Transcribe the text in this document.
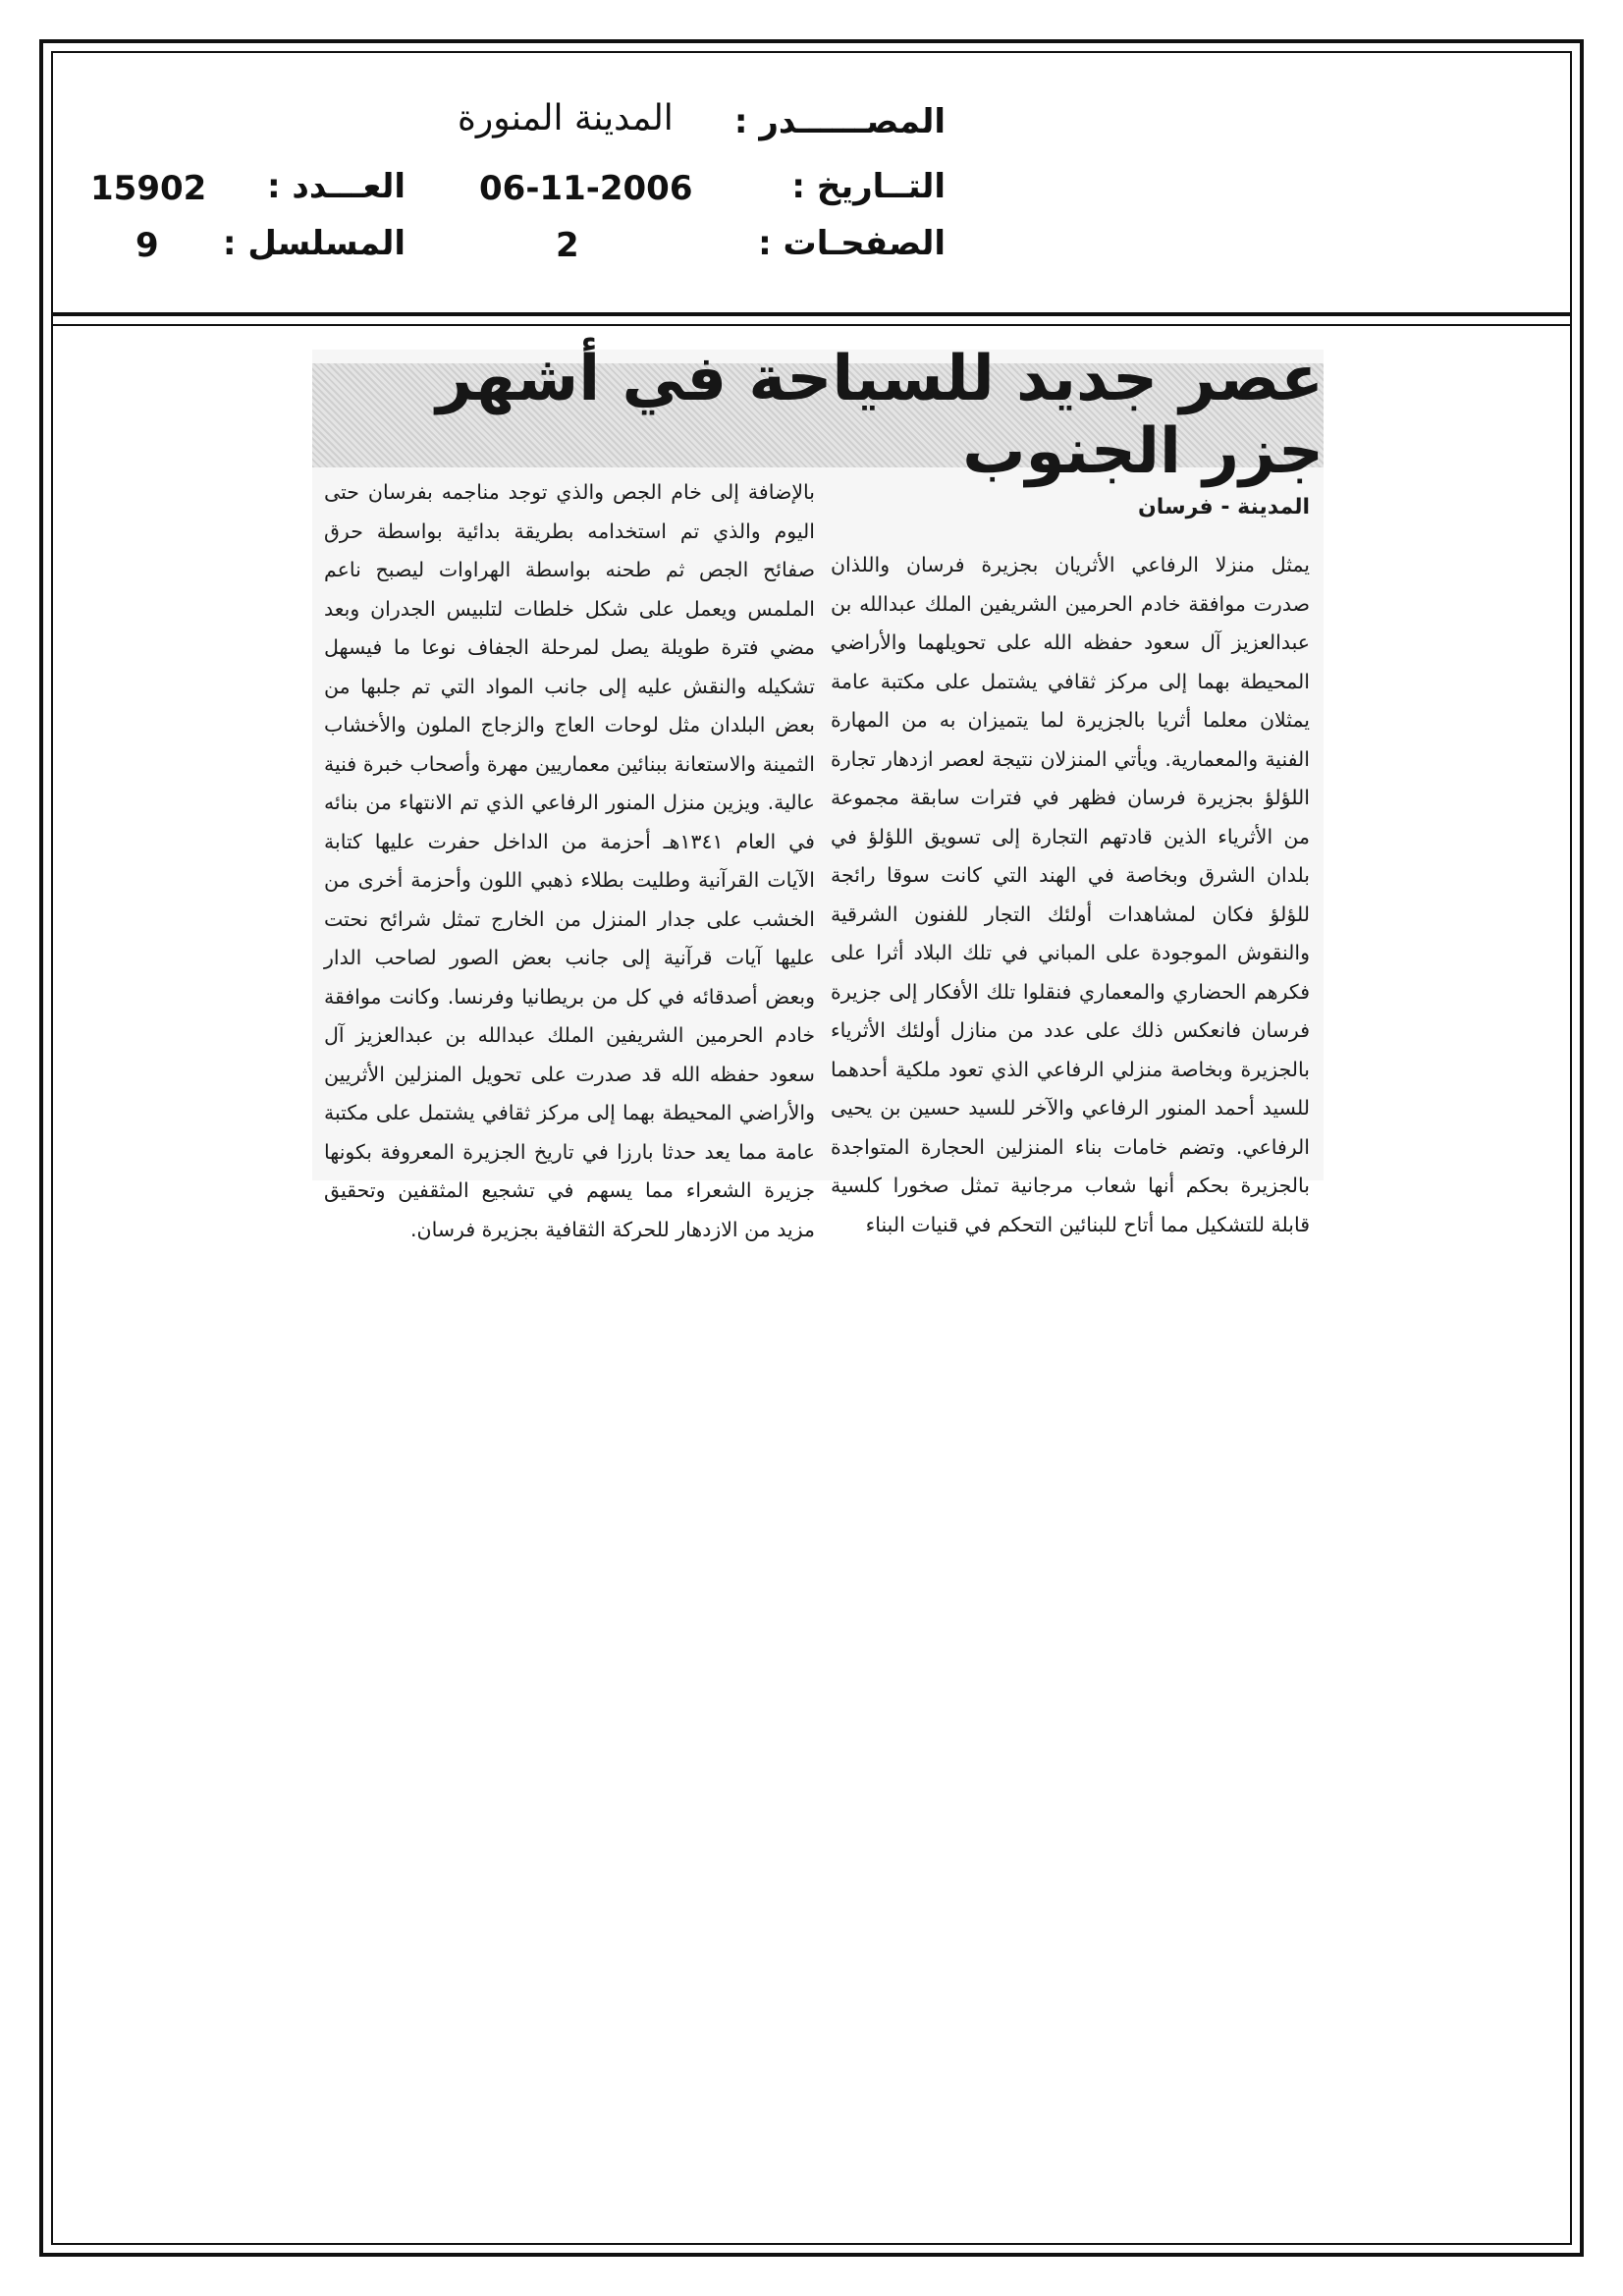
المصــــــدر :
المدينة المنورة
التــاريخ :
06-11-2006
العـــدد :
15902
الصفحـات :
2
المسلسل :
9
عصر جديد للسياحة في أشهر جزر الجنوب
المدينة - فرسان
يمثل منزلا الرفاعي الأثريان بجزيرة فرسان واللذان صدرت موافقة خادم الحرمين الشريفين الملك عبدالله بن عبدالعزيز آل سعود حفظه الله على تحويلهما والأراضي المحيطة بهما إلى مركز ثقافي يشتمل على مكتبة عامة يمثلان معلما أثريا بالجزيرة لما يتميزان به من المهارة الفنية والمعمارية. ويأتي المنزلان نتيجة لعصر ازدهار تجارة اللؤلؤ بجزيرة فرسان فظهر في فترات سابقة مجموعة من الأثرياء الذين قادتهم التجارة إلى تسويق اللؤلؤ في بلدان الشرق وبخاصة في الهند التي كانت سوقا رائجة للؤلؤ فكان لمشاهدات أولئك التجار للفنون الشرقية والنقوش الموجودة على المباني في تلك البلاد أثرا على فكرهم الحضاري والمعماري فنقلوا تلك الأفكار إلى جزيرة فرسان فانعكس ذلك على عدد من منازل أولئك الأثرياء بالجزيرة وبخاصة منزلي الرفاعي الذي تعود ملكية أحدهما للسيد أحمد المنور الرفاعي والآخر للسيد حسين بن يحيى الرفاعي. وتضم خامات بناء المنزلين الحجارة المتواجدة بالجزيرة بحكم أنها شعاب مرجانية تمثل صخورا كلسية قابلة للتشكيل مما أتاح للبنائين التحكم في قنيات البناء
بالإضافة إلى خام الجص والذي توجد مناجمه بفرسان حتى اليوم والذي تم استخدامه بطريقة بدائية بواسطة حرق صفائح الجص ثم طحنه بواسطة الهراوات ليصبح ناعم الملمس ويعمل على شكل خلطات لتلبيس الجدران وبعد مضي فترة طويلة يصل لمرحلة الجفاف نوعا ما فيسهل تشكيله والنقش عليه إلى جانب المواد التي تم جلبها من بعض البلدان مثل لوحات العاج والزجاج الملون والأخشاب الثمينة والاستعانة ببنائين معماريين مهرة وأصحاب خبرة فنية عالية. ويزين منزل المنور الرفاعي الذي تم الانتهاء من بنائه في العام ١٣٤١هـ أحزمة من الداخل حفرت عليها كتابة الآيات القرآنية وطليت بطلاء ذهبي اللون وأحزمة أخرى من الخشب على جدار المنزل من الخارج تمثل شرائح نحتت عليها آيات قرآنية إلى جانب بعض الصور لصاحب الدار وبعض أصدقائه في كل من بريطانيا وفرنسا. وكانت موافقة خادم الحرمين الشريفين الملك عبدالله بن عبدالعزيز آل سعود حفظه الله قد صدرت على تحويل المنزلين الأثريين والأراضي المحيطة بهما إلى مركز ثقافي يشتمل على مكتبة عامة مما يعد حدثا بارزا في تاريخ الجزيرة المعروفة بكونها جزيرة الشعراء مما يسهم في تشجيع المثقفين وتحقيق مزيد من الازدهار للحركة الثقافية بجزيرة فرسان.
